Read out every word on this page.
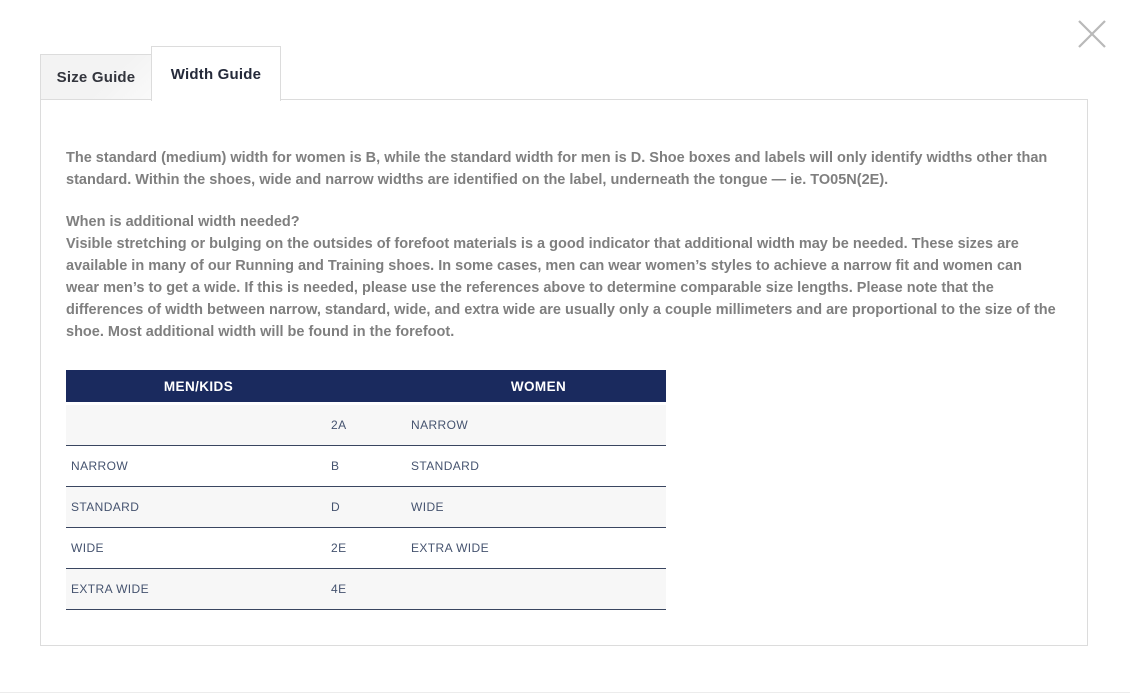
Size Guide Width Guide

The standard (medium) width for women is B, while the standard width for men is D. Shoe boxes and labels will only identify widths other than standard. Within the shoes, wide and narrow widths are identified on the label, underneath the tongue — ie. TO05N(2E).

When is additional width needed?
Visible stretching or bulging on the outsides of forefoot materials is a good indicator that additional width may be needed. These sizes are available in many of our Running and Training shoes. In some cases, men can wear women’s styles to achieve a narrow fit and women can wear men’s to get a wide. If this is needed, please use the references above to determine comparable size lengths. Please note that the differences of width between narrow, standard, wide, and extra wide are usually only a couple millimeters and are proportional to the size of the shoe. Most additional width will be found in the forefoot.

MEN/KIDS		WOMEN
	2A	NARROW
NARROW	B	STANDARD
STANDARD	D	WIDE
WIDE	2E	EXTRA WIDE
EXTRA WIDE	4E	
